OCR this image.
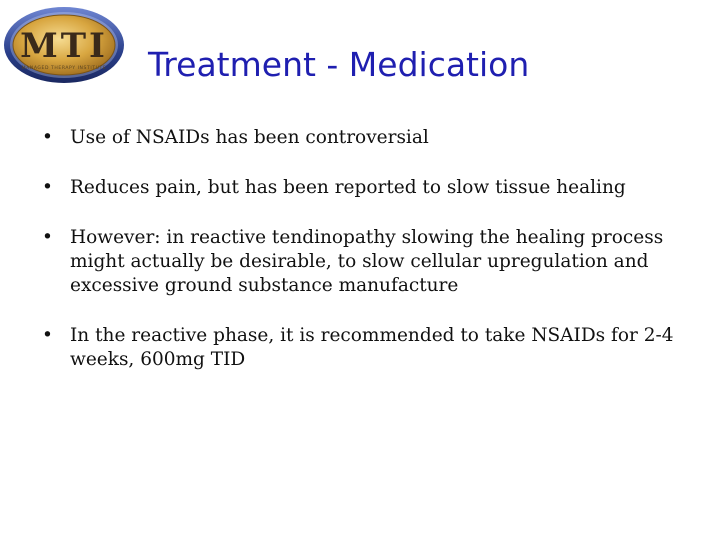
MTI
MANAGED THERAPY INSTITUTE Treatment - Medication
• Use of NSAIDs has been controversial
• Reduces pain, but has been reported to slow tissue healing
• However: in reactive tendinopathy slowing the healing process might actually be desirable, to slow cellular upregulation and excessive ground substance manufacture
• In the reactive phase, it is recommended to take NSAIDs for 2-4 weeks, 600mg TID
